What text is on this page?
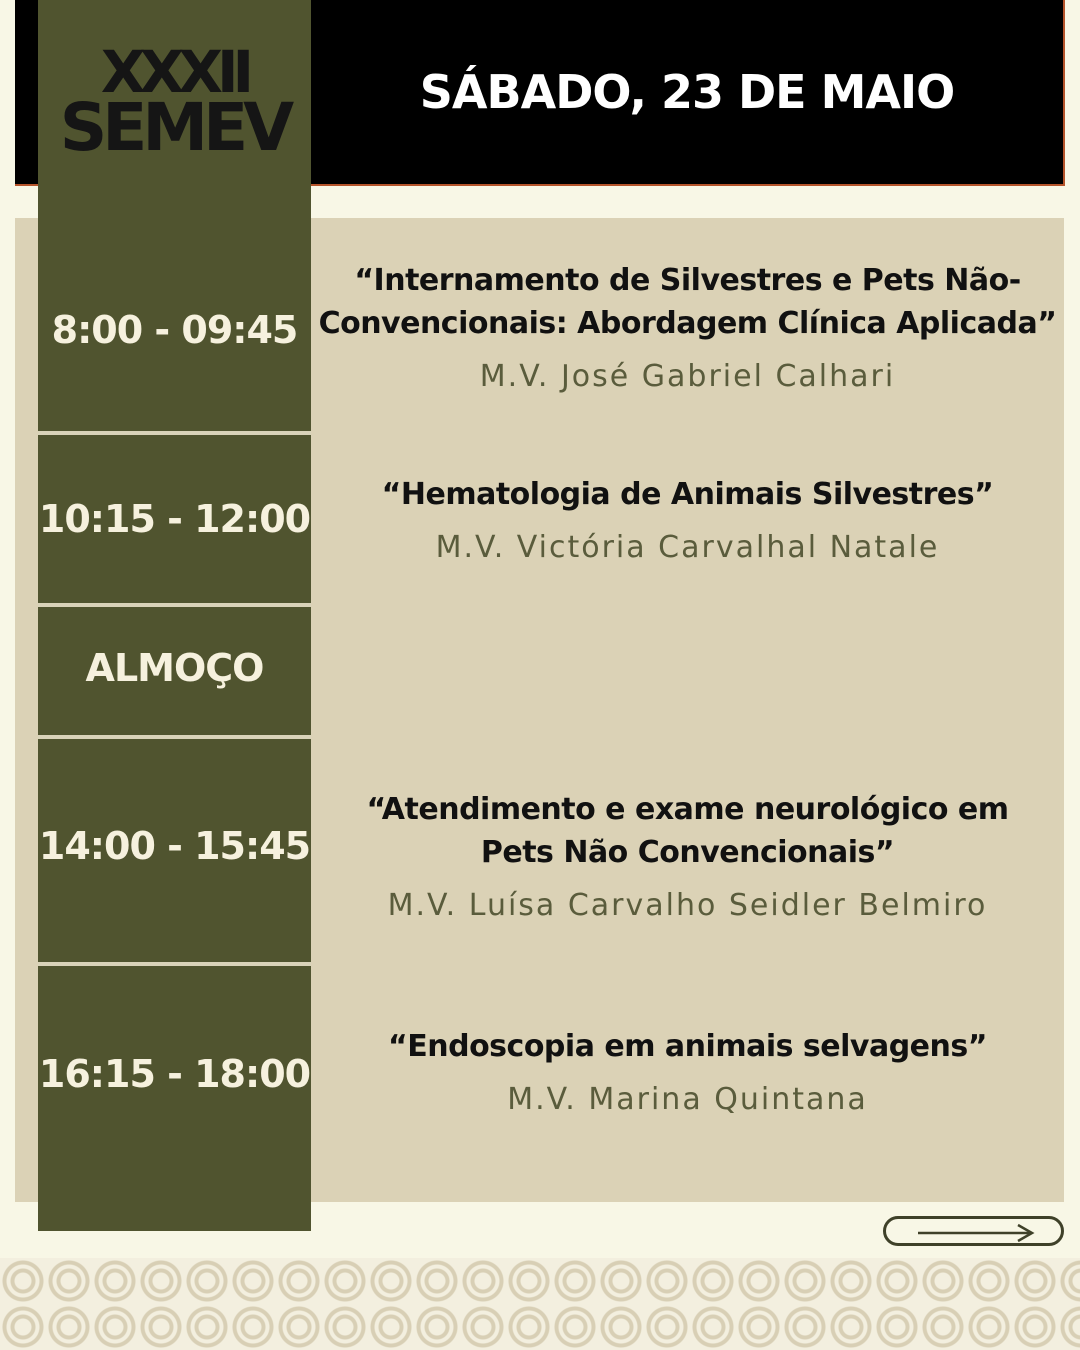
XXXII
SEMEV	SÁBADO, 23 DE MAIO
8:00 - 09:45
10:15 - 12:00
ALMOÇO
14:00 - 15:45
16:15 - 18:00
“Internamento de Silvestres e Pets Não-Convencionais: Abordagem Clínica Aplicada”
M.V. José Gabriel Calhari
“Hematologia de Animais Silvestres”
M.V. Victória Carvalhal Natale
“Atendimento e exame neurológico em Pets Não Convencionais”
M.V. Luísa Carvalho Seidler Belmiro
“Endoscopia em animais selvagens”
M.V. Marina Quintana
